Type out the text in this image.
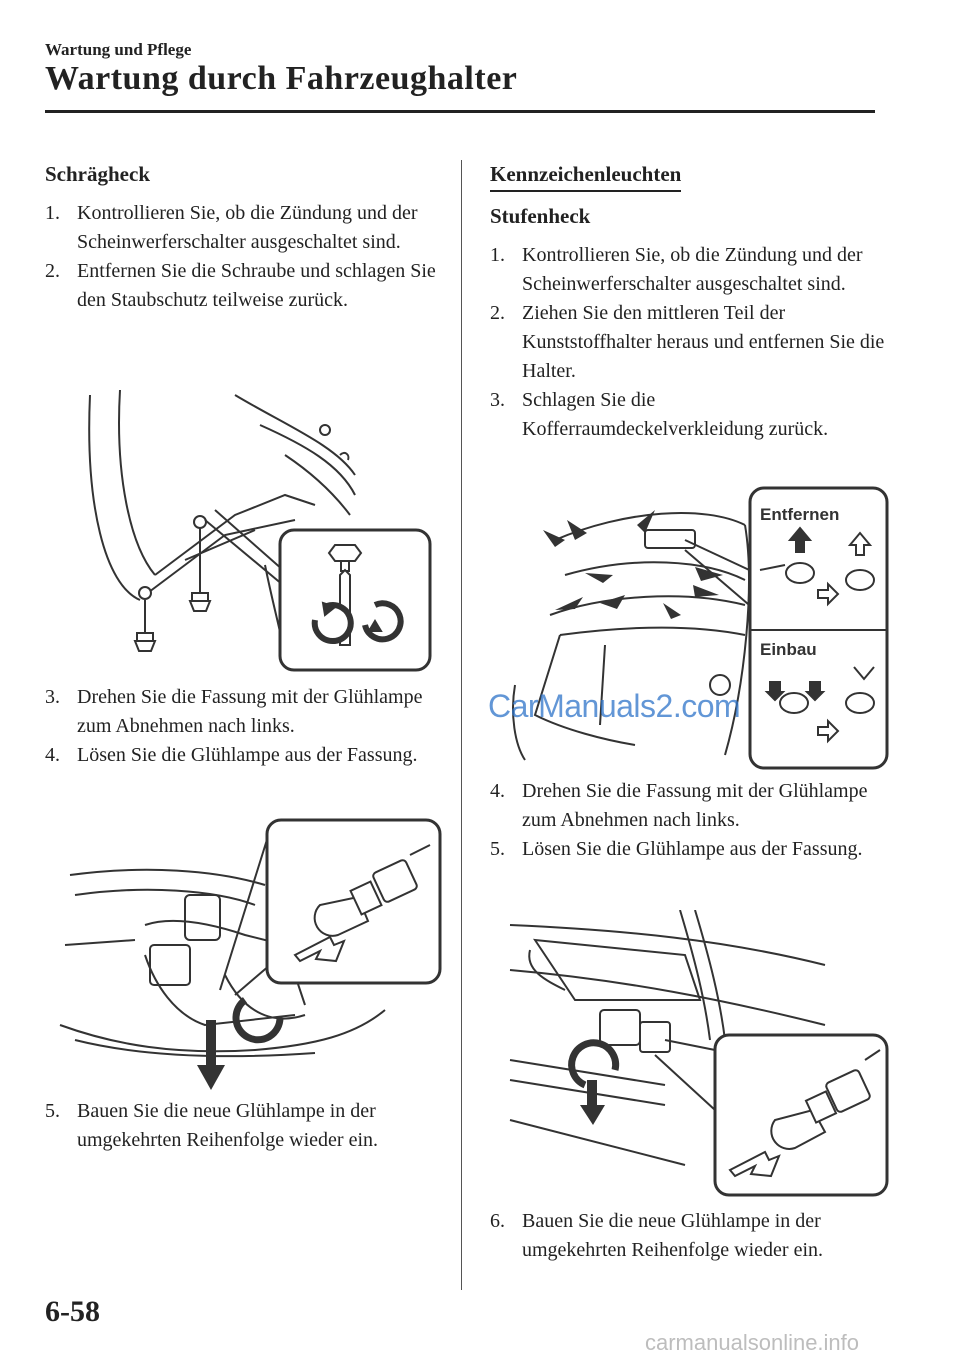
Wartung und Pflege
Wartung durch Fahrzeughalter
Schrägheck
1. Kontrollieren Sie, ob die Zündung und der Scheinwerferschalter ausgeschaltet sind.
2. Entfernen Sie die Schraube und schlagen Sie den Staubschutz teilweise zurück.
3. Drehen Sie die Fassung mit der Glühlampe zum Abnehmen nach links.
4. Lösen Sie die Glühlampe aus der Fassung.
5. Bauen Sie die neue Glühlampe in der umgekehrten Reihenfolge wieder ein.
Kennzeichenleuchten
Stufenheck
1. Kontrollieren Sie, ob die Zündung und der Scheinwerferschalter ausgeschaltet sind.
2. Ziehen Sie den mittleren Teil der Kunststoffhalter heraus und entfernen Sie die Halter.
3. Schlagen Sie die Kofferraumdeckelverkleidung zurück.
Entfernen
Einbau
CarManuals2.com
4. Drehen Sie die Fassung mit der Glühlampe zum Abnehmen nach links.
5. Lösen Sie die Glühlampe aus der Fassung.
6. Bauen Sie die neue Glühlampe in der umgekehrten Reihenfolge wieder ein.
6-58
carmanualsonline.info
